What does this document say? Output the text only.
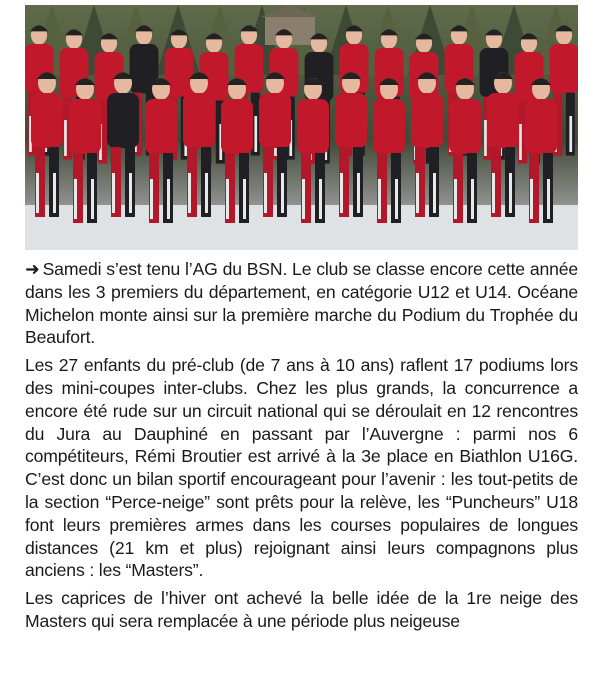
➜ Samedi s’est tenu l’AG du BSN. Le club se classe encore cette année dans les 3 premiers du département, en catégorie U12 et U14. Océane Michelon monte ainsi sur la première marche du Podium du Trophée du Beaufort.

Les 27 enfants du pré-club (de 7 ans à 10 ans) raflent 17 podiums lors des mini-coupes inter-clubs. Chez les plus grands, la concurrence a encore été rude sur un circuit national qui se déroulait en 12 rencontres du Jura au Dauphiné en passant par l’Auvergne : parmi nos 6 compétiteurs, Rémi Broutier est arrivé à la 3e place en Biathlon U16G. C’est donc un bilan sportif encourageant pour l’avenir : les tout-petits de la section “Perce-neige” sont prêts pour la relève, les “Puncheurs” U18 font leurs premières armes dans les courses populaires de longues distances (21 km et plus) rejoignant ainsi leurs compagnons plus anciens : les “Masters”.

Les caprices de l’hiver ont achevé la belle idée de la 1re neige des Masters qui sera remplacée à une période plus neigeuse
